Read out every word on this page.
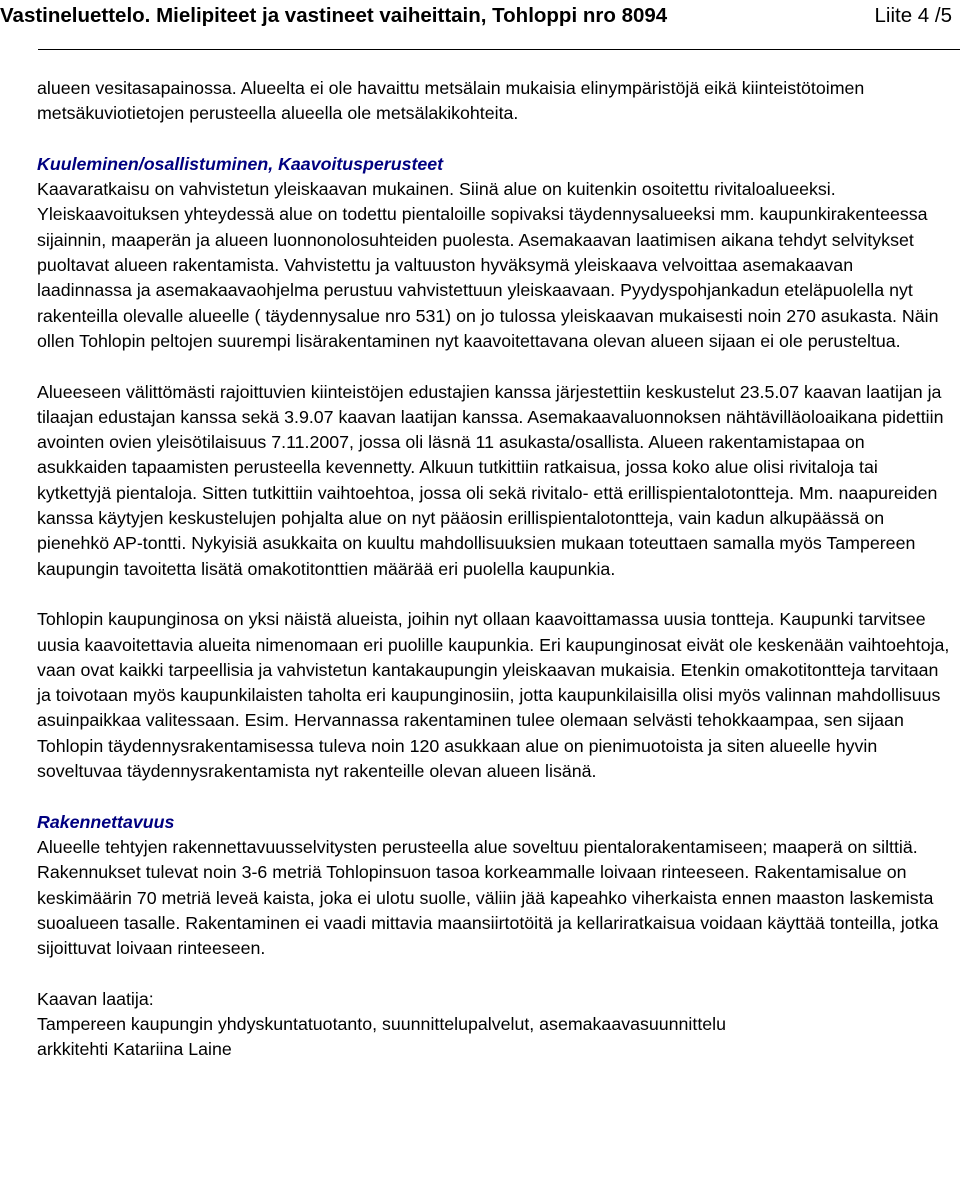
Vastineluettelo. Mielipiteet ja vastineet vaiheittain, Tohloppi nro 8094	Liite 4 /5

alueen vesitasapainossa. Alueelta ei ole havaittu metsälain mukaisia elinympäristöjä eikä kiinteistötoimen metsäkuviotietojen perusteella alueella ole metsälakikohteita.

Kuuleminen/osallistuminen, Kaavoitusperusteet

Kaavaratkaisu on vahvistetun yleiskaavan mukainen. Siinä alue on kuitenkin osoitettu rivitaloalueeksi. Yleiskaavoituksen yhteydessä alue on todettu pientaloille sopivaksi täydennysalueeksi mm. kaupunkirakenteessa sijainnin, maaperän ja alueen luonnonolosuhteiden puolesta. Asemakaavan laatimisen aikana tehdyt selvitykset puoltavat alueen rakentamista. Vahvistettu ja valtuuston hyväksymä yleiskaava velvoittaa asemakaavan laadinnassa ja asemakaavaohjelma perustuu vahvistettuun yleiskaavaan. Pyydyspohjankadun eteläpuolella nyt rakenteilla olevalle alueelle ( täydennysalue nro 531) on jo tulossa yleiskaavan mukaisesti noin 270 asukasta. Näin ollen Tohlopin peltojen suurempi lisärakentaminen nyt kaavoitettavana olevan alueen sijaan ei ole perusteltua.

Alueeseen välittömästi rajoittuvien kiinteistöjen edustajien kanssa järjestettiin keskustelut 23.5.07 kaavan laatijan ja tilaajan edustajan kanssa sekä 3.9.07 kaavan laatijan kanssa. Asemakaavaluonnoksen nähtävilläoloaikana pidettiin avointen ovien yleisötilaisuus 7.11.2007, jossa oli läsnä 11 asukasta/osallista. Alueen rakentamistapaa on asukkaiden tapaamisten perusteella kevennetty. Alkuun tutkittiin ratkaisua, jossa koko alue olisi rivitaloja tai kytkettyjä pientaloja. Sitten tutkittiin vaihtoehtoa, jossa oli sekä rivitalo- että erillispientalotontteja. Mm. naapureiden kanssa käytyjen keskustelujen pohjalta alue on nyt pääosin erillispientalotontteja, vain kadun alkupäässä on pienehkö AP-tontti. Nykyisiä asukkaita on kuultu mahdollisuuksien mukaan toteuttaen samalla myös Tampereen kaupungin tavoitetta lisätä omakotitonttien määrää eri puolella kaupunkia.

Tohlopin kaupunginosa on yksi näistä alueista, joihin nyt ollaan kaavoittamassa uusia tontteja. Kaupunki tarvitsee uusia kaavoitettavia alueita nimenomaan eri puolille kaupunkia. Eri kaupunginosat eivät ole keskenään vaihtoehtoja, vaan ovat kaikki tarpeellisia ja vahvistetun kantakaupungin yleiskaavan mukaisia. Etenkin omakotitontteja tarvitaan ja toivotaan myös kaupunkilaisten taholta eri kaupunginosiin, jotta kaupunkilaisilla olisi myös valinnan mahdollisuus asuinpaikkaa valitessaan. Esim. Hervannassa rakentaminen tulee olemaan selvästi tehokkaampaa, sen sijaan Tohlopin täydennysrakentamisessa tuleva noin 120 asukkaan alue on pienimuotoista ja siten alueelle hyvin soveltuvaa täydennysrakentamista nyt rakenteille olevan alueen lisänä.

Rakennettavuus

Alueelle tehtyjen rakennettavuusselvitysten perusteella alue soveltuu pientalorakentamiseen; maaperä on silttiä. Rakennukset tulevat noin 3-6 metriä Tohlopinsuon tasoa korkeammalle loivaan rinteeseen. Rakentamisalue on keskimäärin 70 metriä leveä kaista, joka ei ulotu suolle, väliin jää kapeahko viherkaista ennen maaston laskemista suoalueen tasalle. Rakentaminen ei vaadi mittavia maansiirtotöitä ja kellariratkaisua voidaan käyttää tonteilla, jotka sijoittuvat loivaan rinteeseen.

Kaavan laatija:

Tampereen kaupungin yhdyskuntatuotanto, suunnittelupalvelut, asemakaavasuunnittelu

arkkitehti Katariina Laine
